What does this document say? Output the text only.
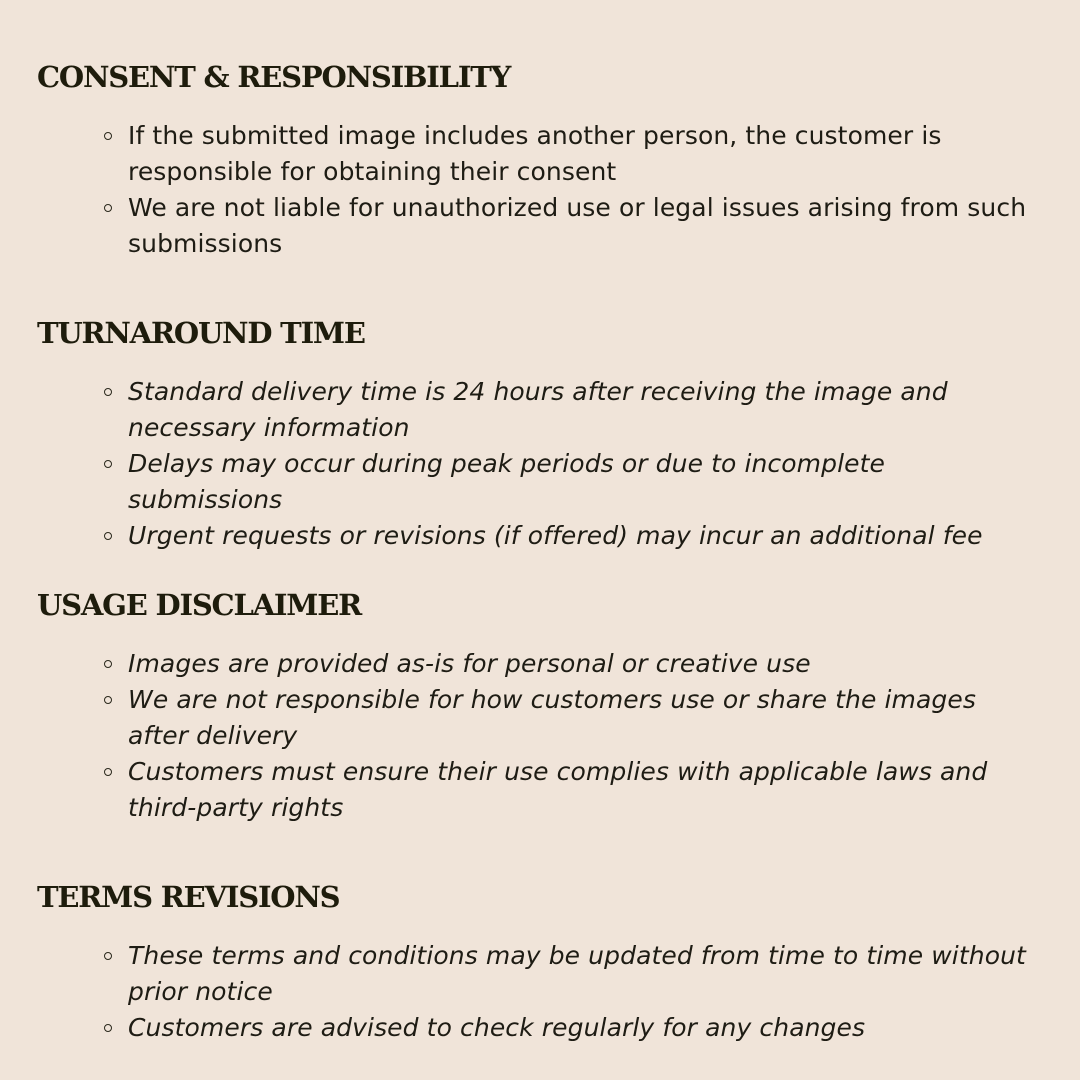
CONSENT & RESPONSIBILITY
If the submitted image includes another person, the customer is responsible for obtaining their consent
We are not liable for unauthorized use or legal issues arising from such submissions
TURNAROUND TIME
Standard delivery time is 24 hours after receiving the image and necessary information
Delays may occur during peak periods or due to incomplete submissions
Urgent requests or revisions (if offered) may incur an additional fee
USAGE DISCLAIMER
Images are provided as-is for personal or creative use
We are not responsible for how customers use or share the images after delivery
Customers must ensure their use complies with applicable laws and third-party rights
TERMS REVISIONS
These terms and conditions may be updated from time to time without prior notice
Customers are advised to check regularly for any changes
